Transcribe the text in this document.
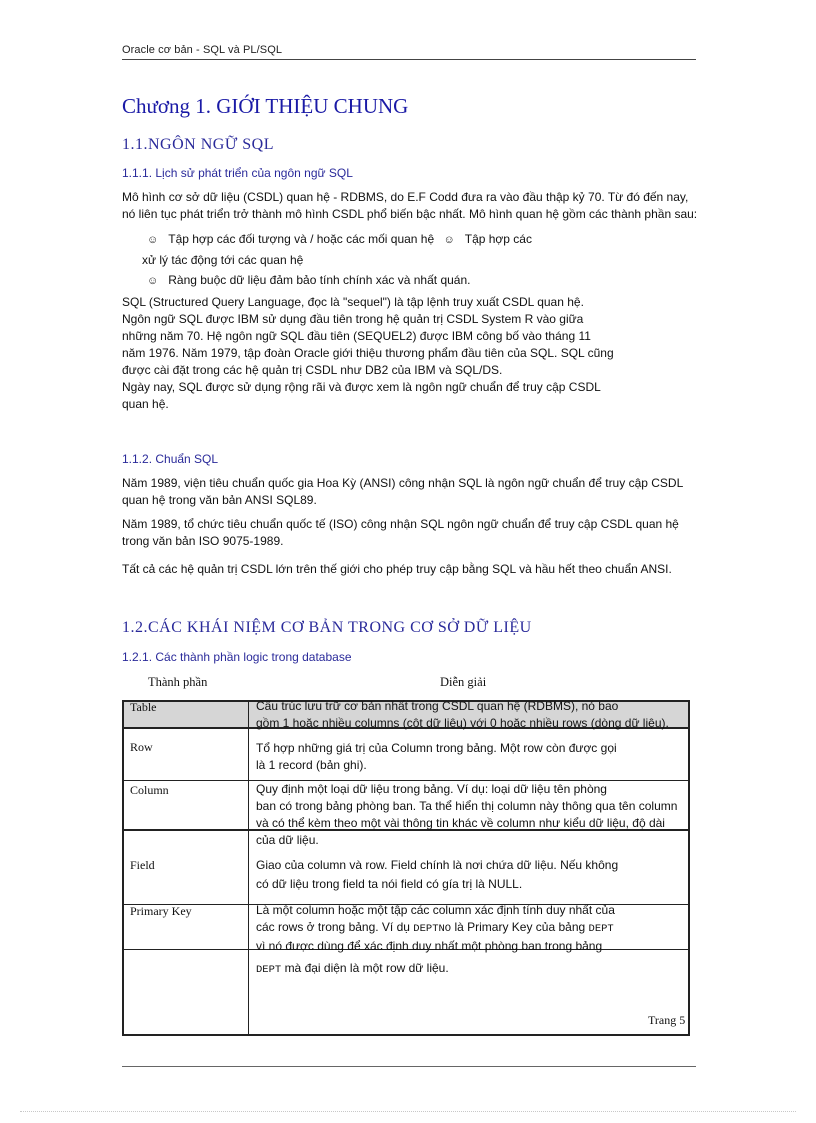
Oracle cơ bản - SQL và PL/SQL
Chương 1. GIỚI THIỆU CHUNG
1.1.NGÔN NGỮ SQL
1.1.1. Lịch sử phát triển của ngôn ngữ SQL
Mô hình cơ sở dữ liệu (CSDL) quan hệ - RDBMS, do E.F Codd đưa ra vào đầu thập kỷ 70. Từ đó đến nay,
nó liên tục phát triển trở thành mô hình CSDL phổ biến bậc nhất. Mô hình quan hệ gồm các thành phần sau:
☺ Tập hợp các đối tượng và / hoặc các mối quan hệ ☺ Tập hợp các
xử lý tác động tới các quan hệ
☺ Ràng buộc dữ liệu đảm bảo tính chính xác và nhất quán.
SQL (Structured Query Language, đọc là "sequel") là tập lệnh truy xuất CSDL quan hệ.
Ngôn ngữ SQL được IBM sử dụng đầu tiên trong hệ quản trị CSDL System R vào giữa
những năm 70. Hệ ngôn ngữ SQL đầu tiên (SEQUEL2) được IBM công bố vào tháng 11
năm 1976. Năm 1979, tập đoàn Oracle giới thiệu thương phẩm đầu tiên của SQL. SQL cũng
được cài đặt trong các hệ quản trị CSDL như DB2 của IBM và SQL/DS.
Ngày nay, SQL được sử dụng rộng rãi và được xem là ngôn ngữ chuẩn để truy cập CSDL
quan hệ.
1.1.2. Chuẩn SQL
Năm 1989, viện tiêu chuẩn quốc gia Hoa Kỳ (ANSI) công nhận SQL là ngôn ngữ chuẩn để truy cập CSDL
quan hệ trong văn bản ANSI SQL89.
Năm 1989, tổ chức tiêu chuẩn quốc tế (ISO) công nhận SQL ngôn ngữ chuẩn để truy cập CSDL quan hệ
trong văn bản ISO 9075-1989.
Tất cả các hệ quản trị CSDL lớn trên thế giới cho phép truy cập bằng SQL và hầu hết theo chuẩn ANSI.
1.2.CÁC KHÁI NIỆM CƠ BẢN TRONG CƠ SỞ DỮ LIỆU
1.2.1. Các thành phần logic trong database
Thành phần	Diễn giải
Table	Cấu trúc lưu trữ cơ bản nhất trong CSDL quan hệ (RDBMS), nó bao
gồm 1 hoặc nhiều columns (cột dữ liệu) với 0 hoặc nhiều rows (dòng dữ liệu).
Row	Tổ hợp những giá trị của Column trong bảng. Một row còn được gọi
là 1 record (bản ghi).
Column	Quy định một loại dữ liệu trong bảng. Ví dụ: loại dữ liệu tên phòng
ban có trong bảng phòng ban. Ta thể hiển thị column này thông qua tên column
và có thể kèm theo một vài thông tin khác về column như kiểu dữ liệu, độ dài
của dữ liệu.
Field	Giao của column và row. Field chính là nơi chứa dữ liệu. Nếu không
có dữ liệu trong field ta nói field có gía trị là NULL.
Primary Key	Là một column hoặc một tập các column xác định tính duy nhất của
các rows ở trong bảng. Ví dụ DEPTNO là Primary Key của bảng DEPT
vì nó được dùng để xác định duy nhất một phòng ban trong bảng
DEPT mà đại diện là một row dữ liệu.
Trang 5
